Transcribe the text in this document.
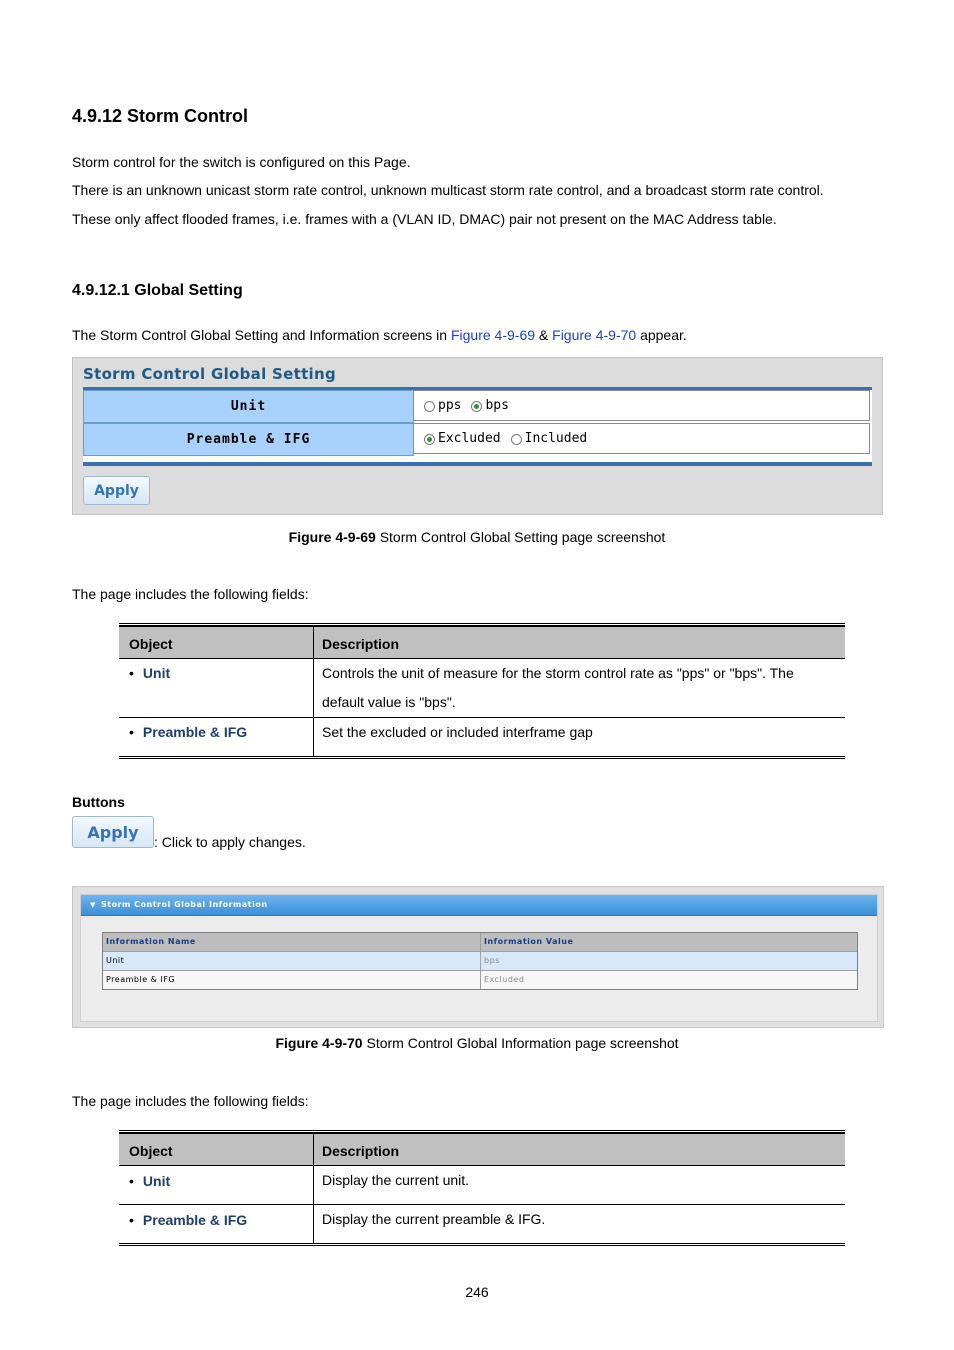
4.9.12 Storm Control

Storm control for the switch is configured on this Page.

There is an unknown unicast storm rate control, unknown multicast storm rate control, and a broadcast storm rate control.

These only affect flooded frames, i.e. frames with a (VLAN ID, DMAC) pair not present on the MAC Address table.

4.9.12.1 Global Setting

The Storm Control Global Setting and Information screens in Figure 4-9-69 & Figure 4-9-70 appear.

Storm Control Global Setting
Unit	pps bps
Preamble & IFG	Excluded Included
Apply
Figure 4-9-69 Storm Control Global Setting page screenshot

The page includes the following fields:

Object	Description
• Unit	Controls the unit of measure for the storm control rate as "pps" or "bps". The
default value is "bps".
• Preamble & IFG	Set the excluded or included interframe gap
Buttons
Apply
: Click to apply changes.
▼ Storm Control Global Information
Information Name	Information Value
Unit	bps
Preamble & IFG	Excluded
Figure 4-9-70 Storm Control Global Information page screenshot

The page includes the following fields:

Object	Description
• Unit	Display the current unit.
• Preamble & IFG	Display the current preamble & IFG.
246
